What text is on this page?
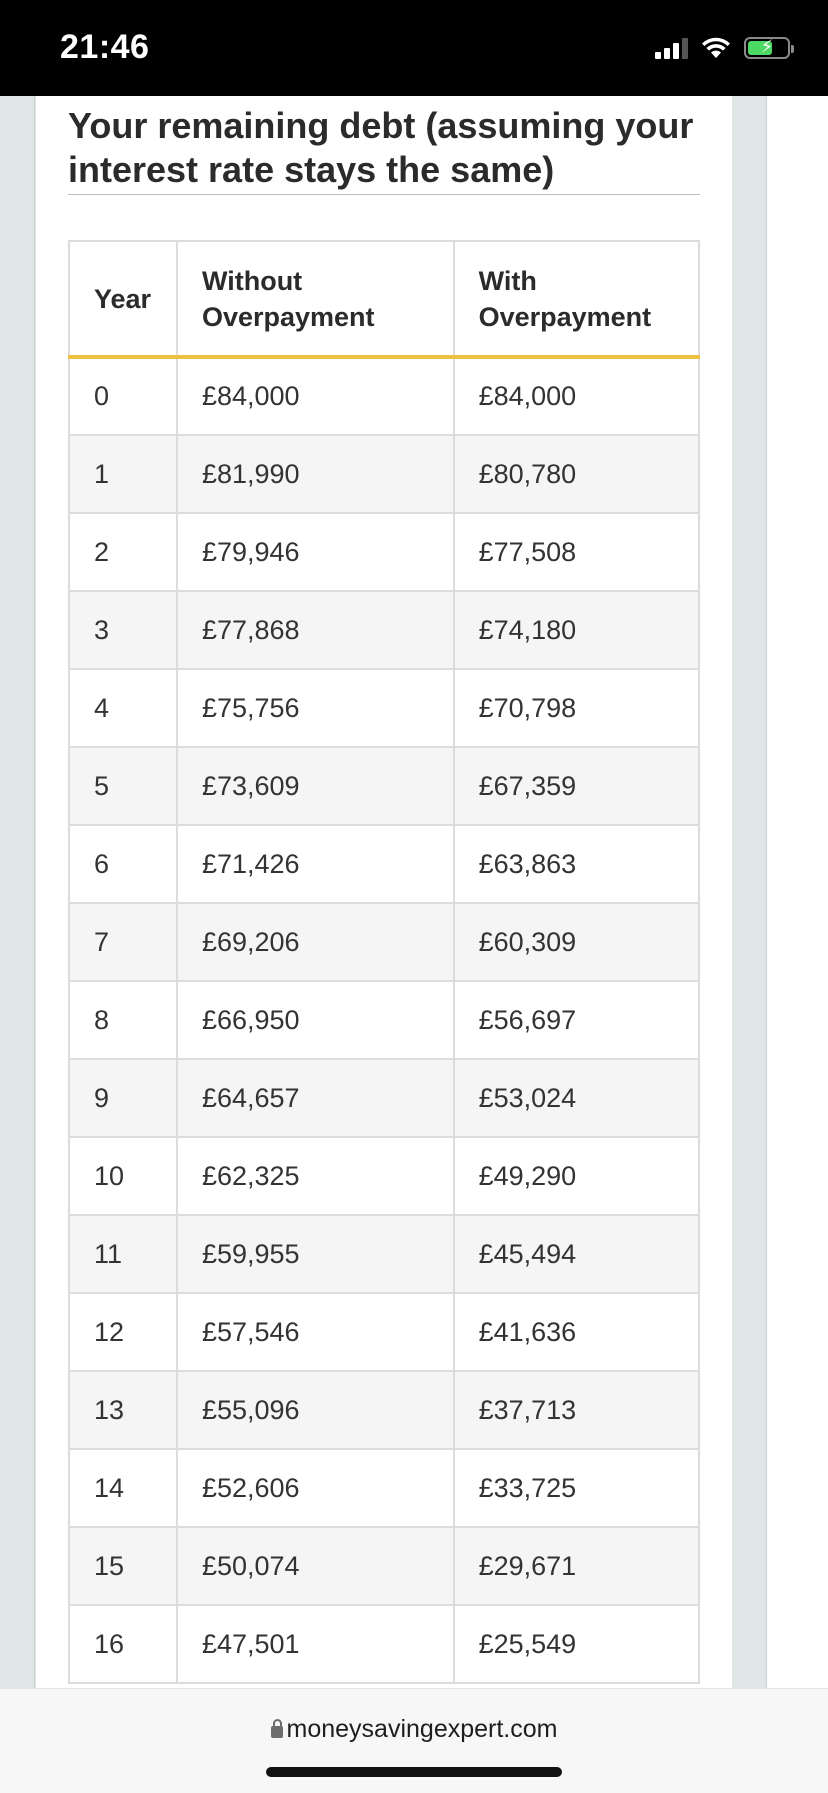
21:46	⚡
Your remaining debt (assuming your interest rate stays the same)
Year	Without Overpayment	With Overpayment
0	£84,000	£84,000
1	£81,990	£80,780
2	£79,946	£77,508
3	£77,868	£74,180
4	£75,756	£70,798
5	£73,609	£67,359
6	£71,426	£63,863
7	£69,206	£60,309
8	£66,950	£56,697
9	£64,657	£53,024
10	£62,325	£49,290
11	£59,955	£45,494
12	£57,546	£41,636
13	£55,096	£37,713
14	£52,606	£33,725
15	£50,074	£29,671
16	£47,501	£25,549
moneysavingexpert.com
